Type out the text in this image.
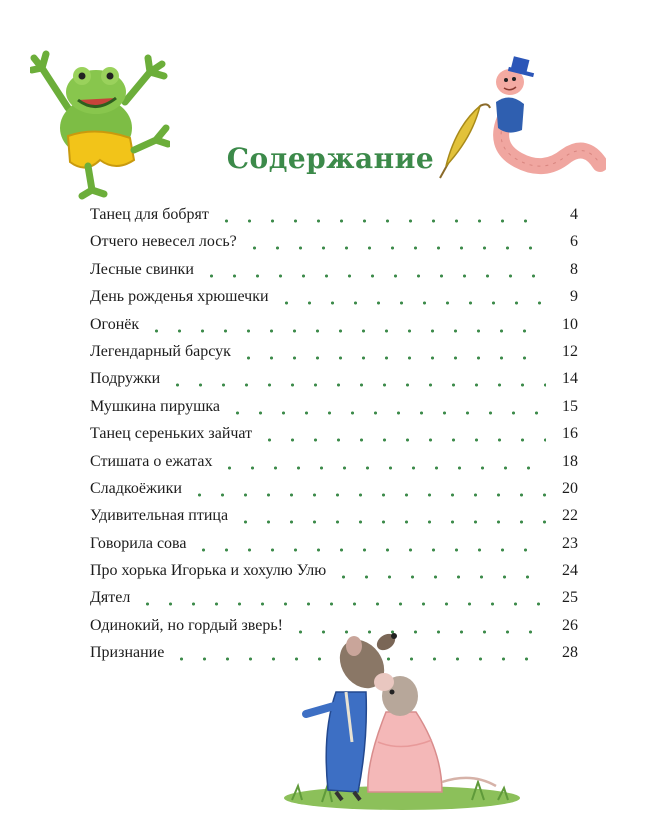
Содержание
Танец для бобрят	4
Отчего невесел лось?	6
Лесные свинки	8
День рожденья хрюшечки	9
Огонёк	10
Легендарный барсук	12
Подружки	14
Мушкина пирушка	15
Танец сереньких зайчат	16
Стишата о ежатах	18
Сладкоёжики	20
Удивительная птица	22
Говорила сова	23
Про хорька Игорька и хохулю Улю	24
Дятел	25
Одинокий, но гордый зверь!	26
Признание	28
